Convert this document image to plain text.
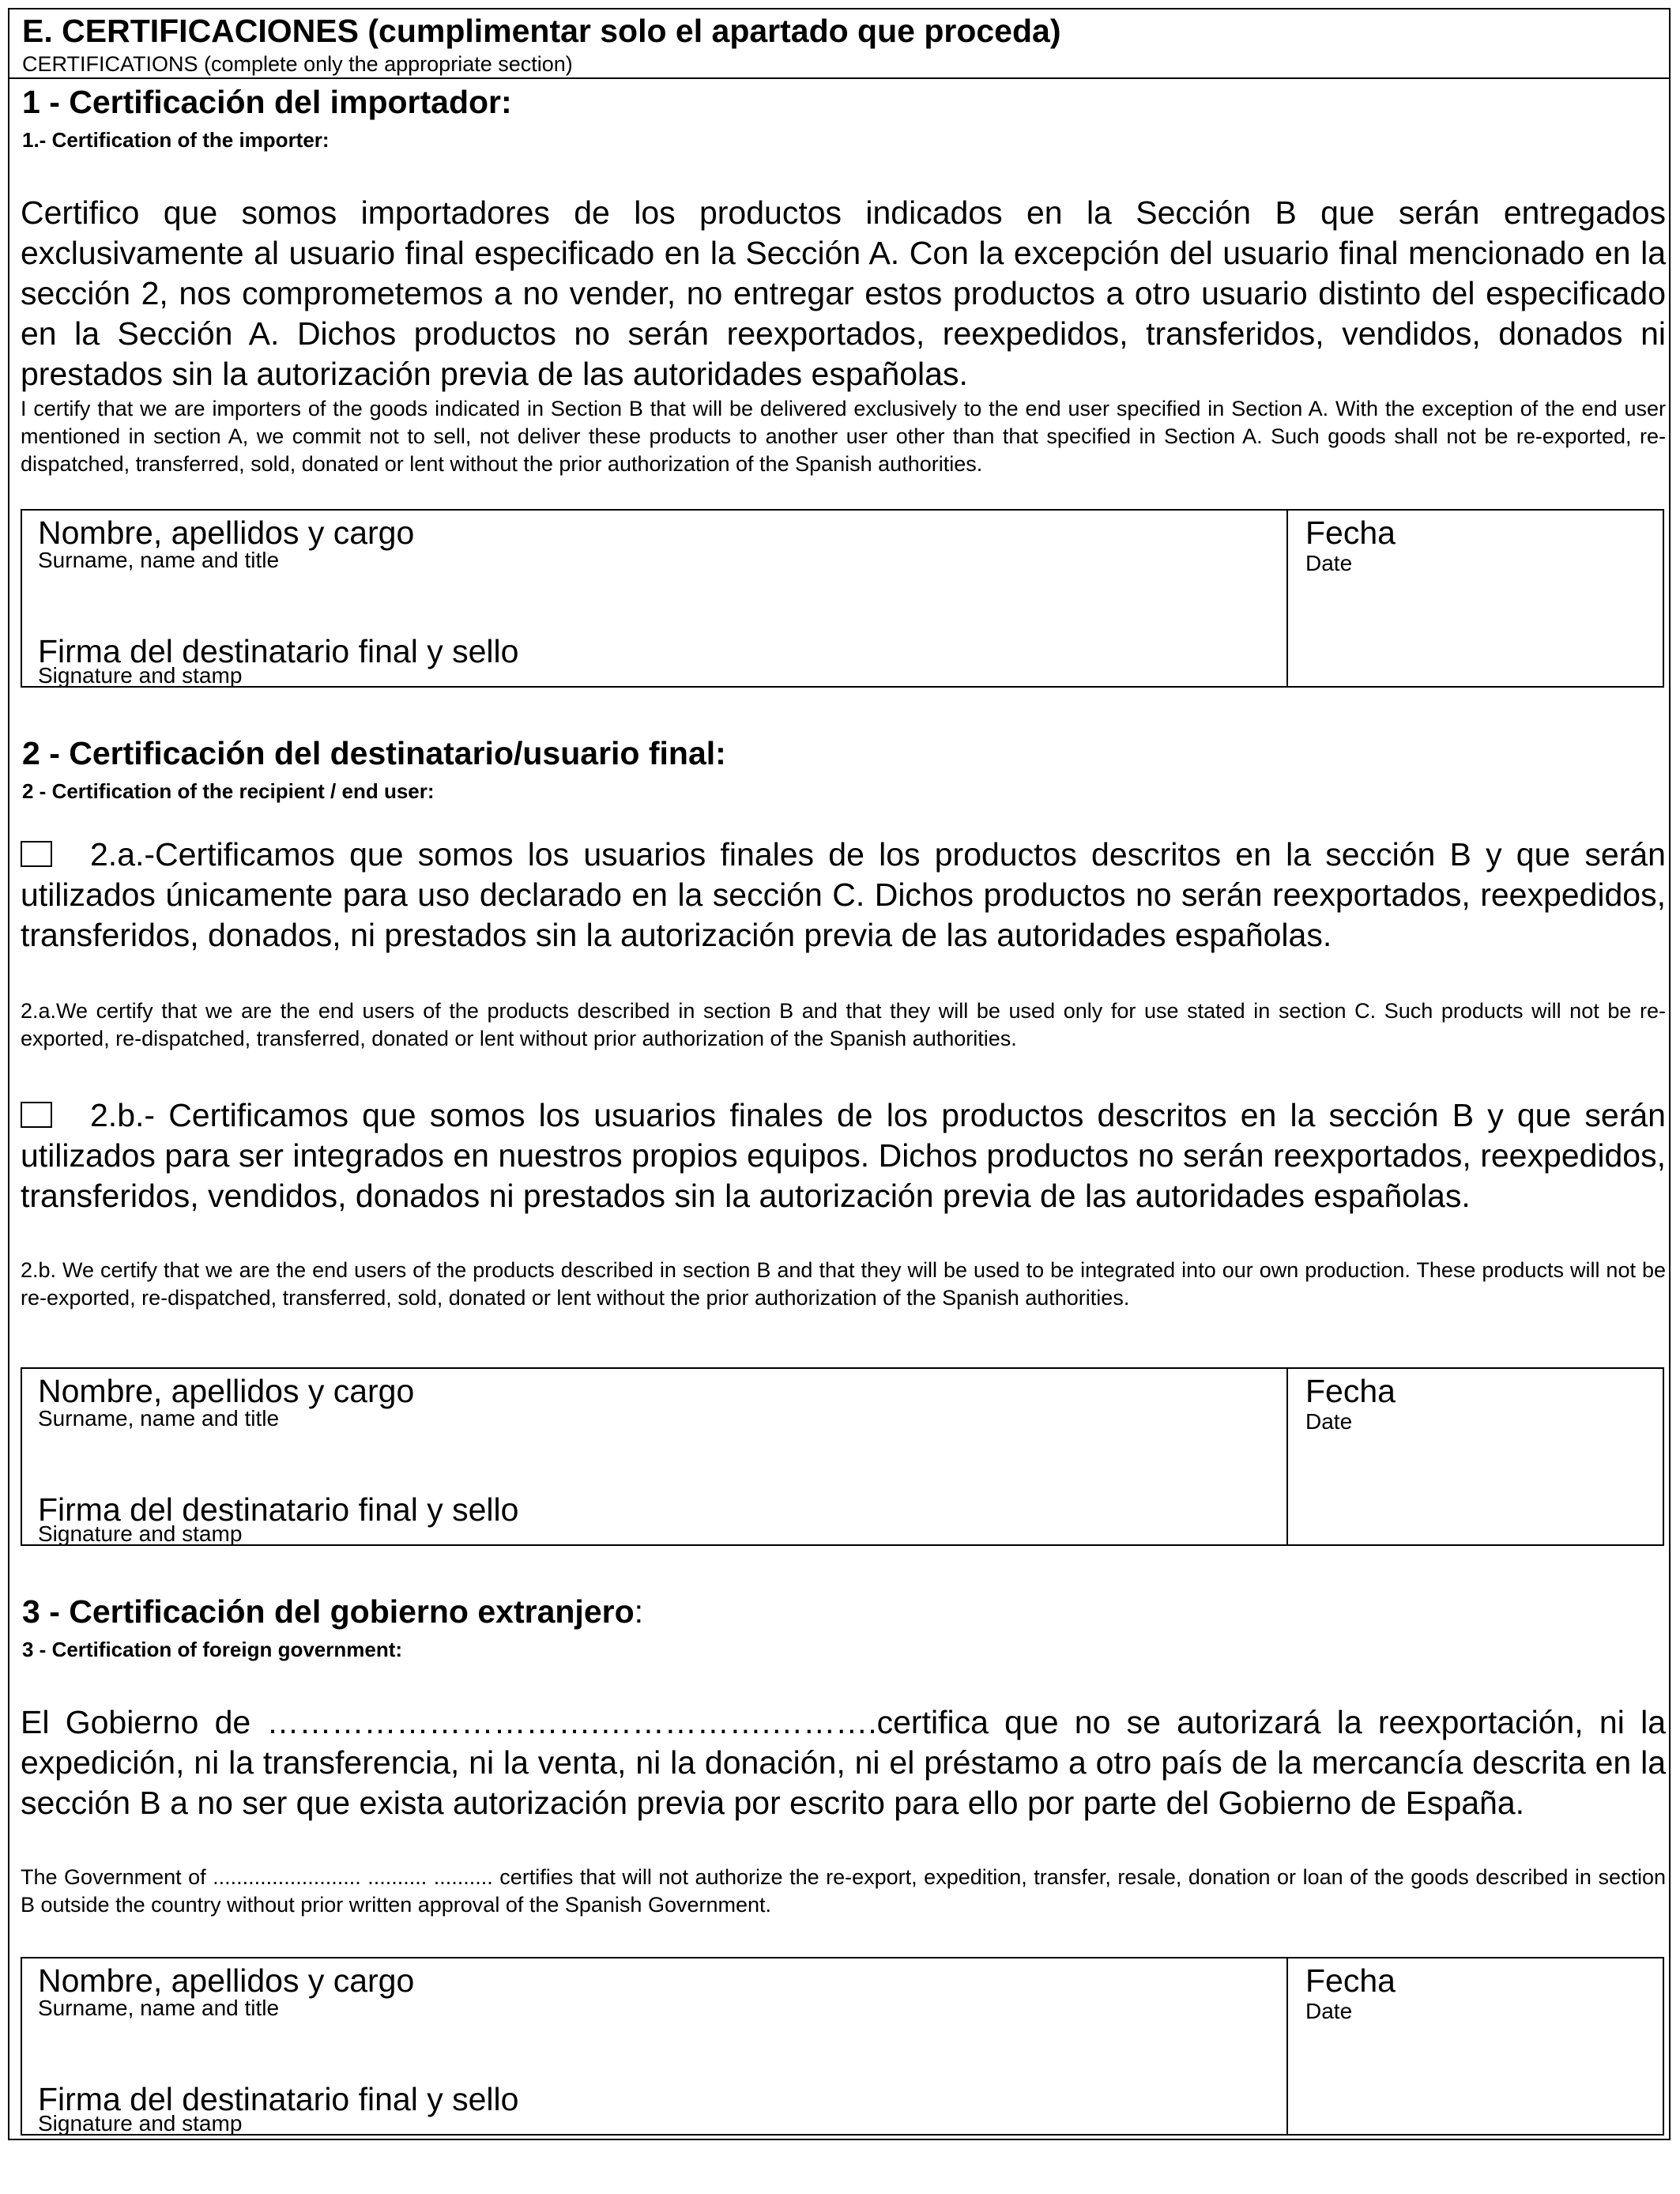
E. CERTIFICACIONES (cumplimentar solo el apartado que proceda)
CERTIFICATIONS (complete only the appropriate section)
1 - Certificación del importador:
1.- Certification of the importer:

Certifico que somos importadores de los productos indicados en la Sección B que serán entregados exclusivamente al usuario final especificado en la Sección A. Con la excepción del usuario final mencionado en la sección 2, nos comprometemos a no vender, no entregar estos productos a otro usuario distinto del especificado en la Sección A. Dichos productos no serán reexportados, reexpedidos, transferidos, vendidos, donados ni prestados sin la autorización previa de las autoridades españolas.

I certify that we are importers of the goods indicated in Section B that will be delivered exclusively to the end user specified in Section A. With the exception of the end user mentioned in section A, we commit not to sell, not deliver these products to another user other than that specified in Section A. Such goods shall not be re-exported, re-dispatched, transferred, sold, donated or lent without the prior authorization of the Spanish authorities.

Nombre, apellidos y cargo
Surname, name and title
Fecha
Date
Firma del destinatario final y sello
Signature and stamp
2 - Certificación del destinatario/usuario final:
2 - Certification of the recipient / end user:

2.a.-Certificamos que somos los usuarios finales de los productos descritos en la sección B y que serán utilizados únicamente para uso declarado en la sección C. Dichos productos no serán reexportados, reexpedidos, transferidos, donados, ni prestados sin la autorización previa de las autoridades españolas.

2.a.We certify that we are the end users of the products described in section B and that they will be used only for use stated in section C. Such products will not be re-exported, re-dispatched, transferred, donated or lent without prior authorization of the Spanish authorities.

2.b.- Certificamos que somos los usuarios finales de los productos descritos en la sección B y que serán utilizados para ser integrados en nuestros propios equipos. Dichos productos no serán reexportados, reexpedidos, transferidos, vendidos, donados ni prestados sin la autorización previa de las autoridades españolas.

2.b. We certify that we are the end users of the products described in section B and that they will be used to be integrated into our own production. These products will not be re-exported, re-dispatched, transferred, sold, donated or lent without the prior authorization of the Spanish authorities.

Nombre, apellidos y cargo
Surname, name and title
Fecha
Date
Firma del destinatario final y sello
Signature and stamp
3 - Certificación del gobierno extranjero:
3 - Certification of foreign government:

El Gobierno de ………………………….…………….……….certifica que no se autorizará la reexportación, ni la expedición, ni la transferencia, ni la venta, ni la donación, ni el préstamo a otro país de la mercancía descrita en la sección B a no ser que exista autorización previa por escrito para ello por parte del Gobierno de España.

The Government of ......................... .......... .......... certifies that will not authorize the re-export, expedition, transfer, resale, donation or loan of the goods described in section B outside the country without prior written approval of the Spanish Government.

Nombre, apellidos y cargo
Surname, name and title
Fecha
Date
Firma del destinatario final y sello
Signature and stamp
